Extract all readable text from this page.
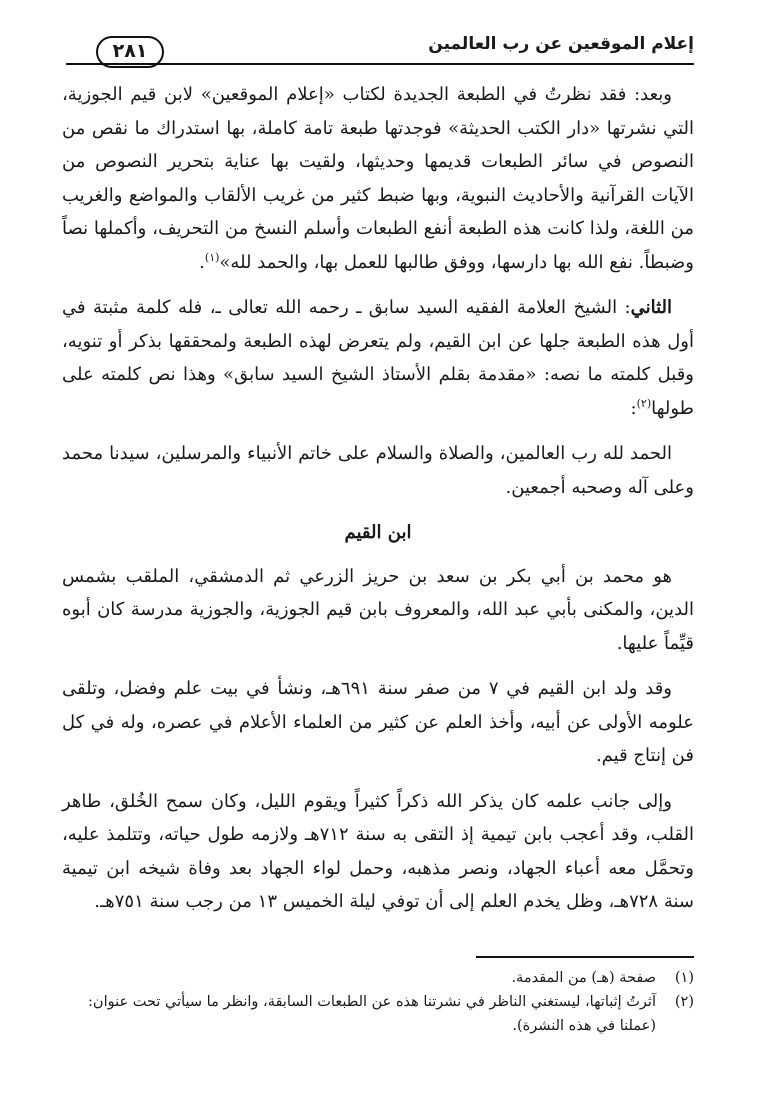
إعلام الموقعين عن رب العالمين
٢٨١

وبعد: فقد نظرتُ في الطبعة الجديدة لكتاب «إعلام الموقعين» لابن قيم الجوزية، التي نشرتها «دار الكتب الحديثة» فوجدتها طبعة تامة كاملة، بها استدراك ما نقص من النصوص في سائر الطبعات قديمها وحديثها، ولقيت بها عناية بتحرير النصوص من الآيات القرآنية والأحاديث النبوية، وبها ضبط كثير من غريب الألقاب والمواضع والغريب من اللغة، ولذا كانت هذه الطبعة أنفع الطبعات وأسلم النسخ من التحريف، وأكملها نصاً وضبطاً. نفع الله بها دارسها، ووفق طالبها للعمل بها، والحمد لله»$^{(١)}$.

الثاني: الشيخ العلامة الفقيه السيد سابق ـ رحمه الله تعالى ـ، فله كلمة مثبتة في أول هذه الطبعة جلها عن ابن القيم، ولم يتعرض لهذه الطبعة ولمحققها بذكر أو تنويه، وقبل كلمته ما نصه: «مقدمة بقلم الأستاذ الشيخ السيد سابق» وهذا نص كلمته على طولها$^{(٢)}$:

الحمد لله رب العالمين، والصلاة والسلام على خاتم الأنبياء والمرسلين، سيدنا محمد وعلى آله وصحبه أجمعين.

ابن القيم

هو محمد بن أبي بكر بن سعد بن حريز الزرعي ثم الدمشقي، الملقب بشمس الدين، والمكنى بأبي عبد الله، والمعروف بابن قيم الجوزية، والجوزية مدرسة كان أبوه قيِّماً عليها.

وقد ولد ابن القيم في ٧ من صفر سنة ٦٩١هـ، ونشأ في بيت علم وفضل، وتلقى علومه الأولى عن أبيه، وأخذ العلم عن كثير من العلماء الأعلام في عصره، وله في كل فن إنتاج قيم.

وإلى جانب علمه كان يذكر الله ذكراً كثيراً ويقوم الليل، وكان سمح الخُلق، طاهر القلب، وقد أعجب بابن تيمية إذ التقى به سنة ٧١٢هـ ولازمه طول حياته، وتتلمذ عليه، وتحمَّل معه أعباء الجهاد، ونصر مذهبه، وحمل لواء الجهاد بعد وفاة شيخه ابن تيمية سنة ٧٢٨هـ، وظل يخدم العلم إلى أن توفي ليلة الخميس ١٣ من رجب سنة ٧٥١هـ.

(١)
صفحة (هـ) من المقدمة.
(٢)
آثرتُ إثباتها، ليستغني الناظر في نشرتنا هذه عن الطبعات السابقة، وانظر ما سيأتي تحت عنوان: (عملنا في هذه النشرة).
